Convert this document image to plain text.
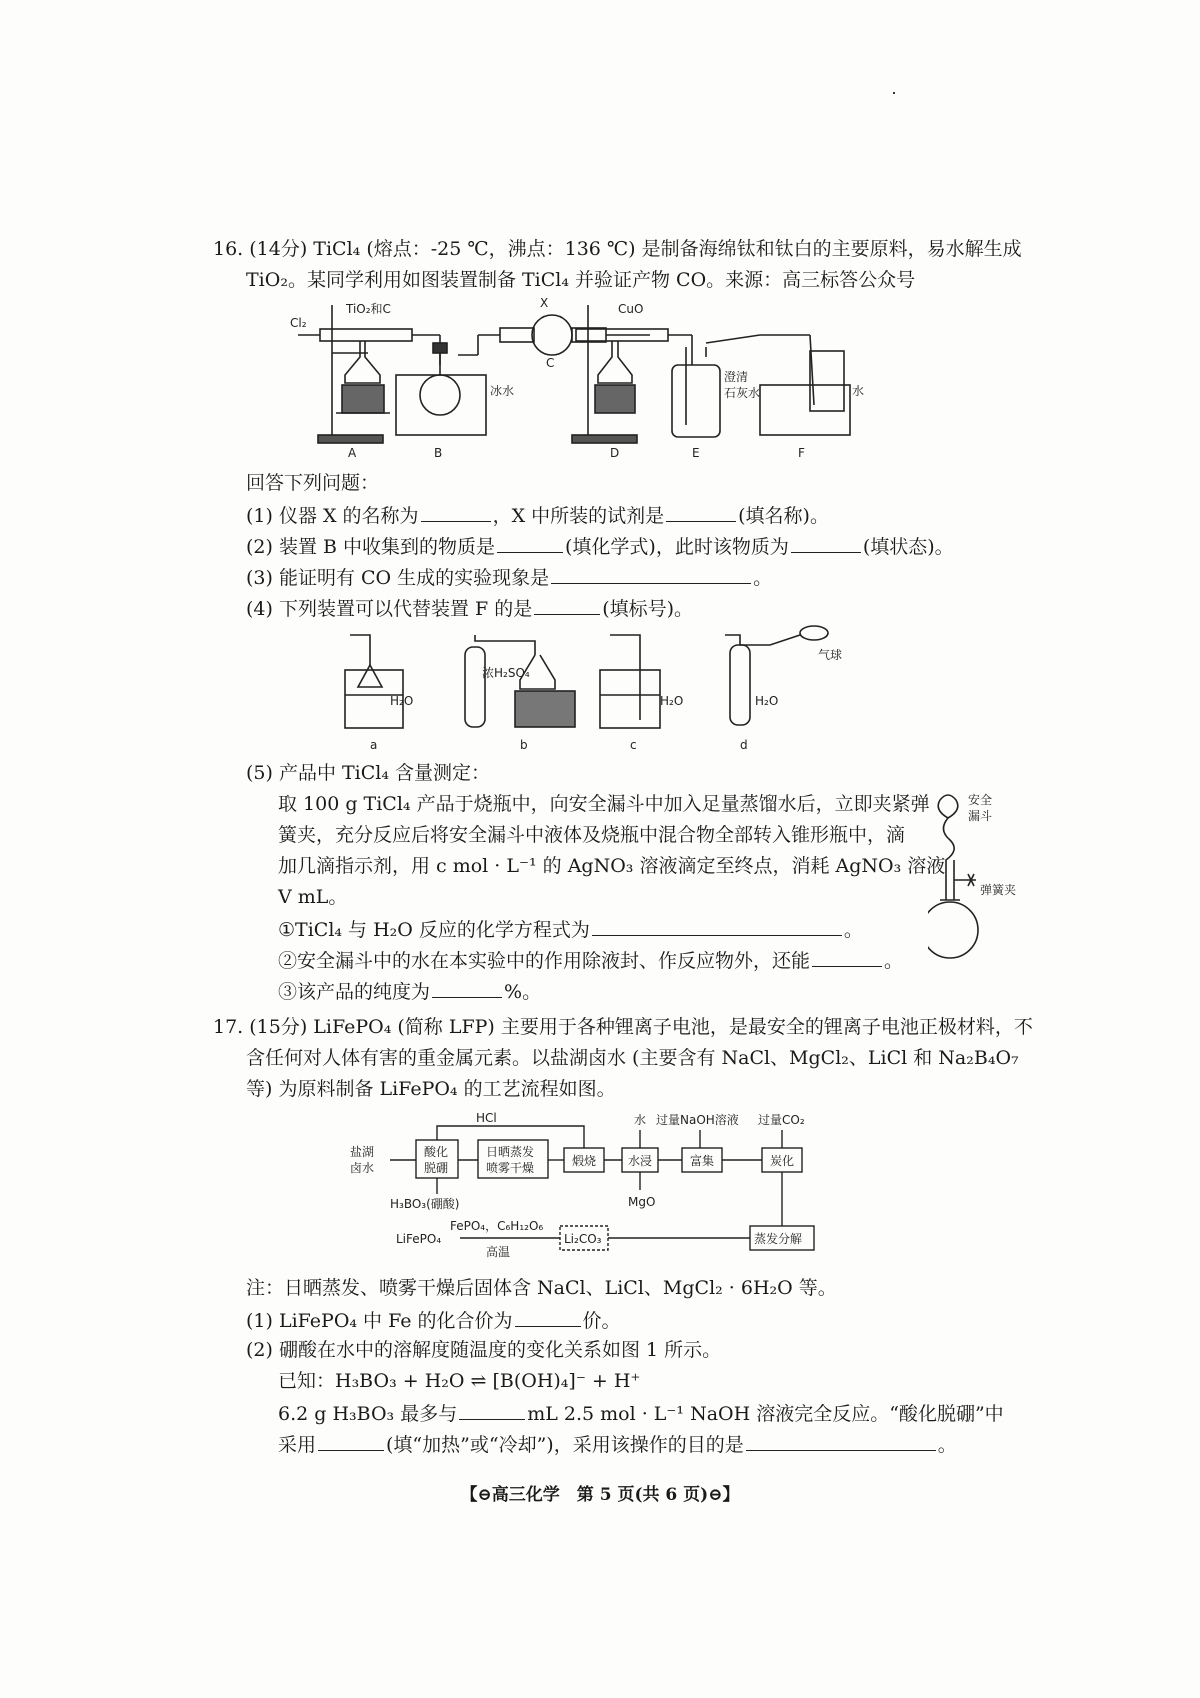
16. (14分) TiCl₄ (熔点：-25 ℃，沸点：136 ℃) 是制备海绵钛和钛白的主要原料，易水解生成
TiO₂。某同学利用如图装置制备 TiCl₄ 并验证产物 CO。来源：高三标答公众号
Cl₂
TiO₂和C	X	CuO
冰水
澄清
石灰水	水
A	B
C
D	E	F
回答下列问题：
(1) 仪器 X 的名称为	，X 中所装的试剂是	(填名称)。
(2) 装置 B 中收集到的物质是	(填化学式)，此时该物质为	(填状态)。
(3) 能证明有 CO 生成的实验现象是	。
(4) 下列装置可以代替装置 F 的是	(填标号)。
H₂O
浓H₂SO₄
H₂O	H₂O
气球
a	b	c	d
(5) 产品中 TiCl₄ 含量测定：
取 100 g TiCl₄ 产品于烧瓶中，向安全漏斗中加入足量蒸馏水后，立即夹紧弹
簧夹，充分反应后将安全漏斗中液体及烧瓶中混合物全部转入锥形瓶中，滴
加几滴指示剂，用 c mol · L⁻¹ 的 AgNO₃ 溶液滴定至终点，消耗 AgNO₃ 溶液
V mL。
①TiCl₄ 与 H₂O 反应的化学方程式为	。
②安全漏斗中的水在本实验中的作用除液封、作反应物外，还能	。
③该产品的纯度为	%。
安全
漏斗
弹簧夹
17. (15分) LiFePO₄ (简称 LFP) 主要用于各种锂离子电池，是最安全的锂离子电池正极材料，不
含任何对人体有害的重金属元素。以盐湖卤水 (主要含有 NaCl、MgCl₂、LiCl 和 Na₂B₄O₇
等) 为原料制备 LiFePO₄ 的工艺流程如图。
HCl	水 过量NaOH溶液 过量CO₂
盐湖
卤水
酸化
脱硼
日晒蒸发
喷雾干燥	煅烧	水浸	富集	炭化
蒸发分解
H₃BO₃(硼酸)	MgO
Li₂CO₃
FePO₄，C₆H₁₂O₆
高温
LiFePO₄
注：日晒蒸发、喷雾干燥后固体含 NaCl、LiCl、MgCl₂ · 6H₂O 等。
(1) LiFePO₄ 中 Fe 的化合价为	价。
(2) 硼酸在水中的溶解度随温度的变化关系如图 1 所示。
已知：H₃BO₃ + H₂O ⇌ [B(OH)₄]⁻ + H⁺
6.2 g H₃BO₃ 最多与	mL 2.5 mol · L⁻¹ NaOH 溶液完全反应。“酸化脱硼”中
采用	(填“加热”或“冷却”)，采用该操作的目的是	。
【⊖高三化学　第 5 页(共 6 页)⊖】
